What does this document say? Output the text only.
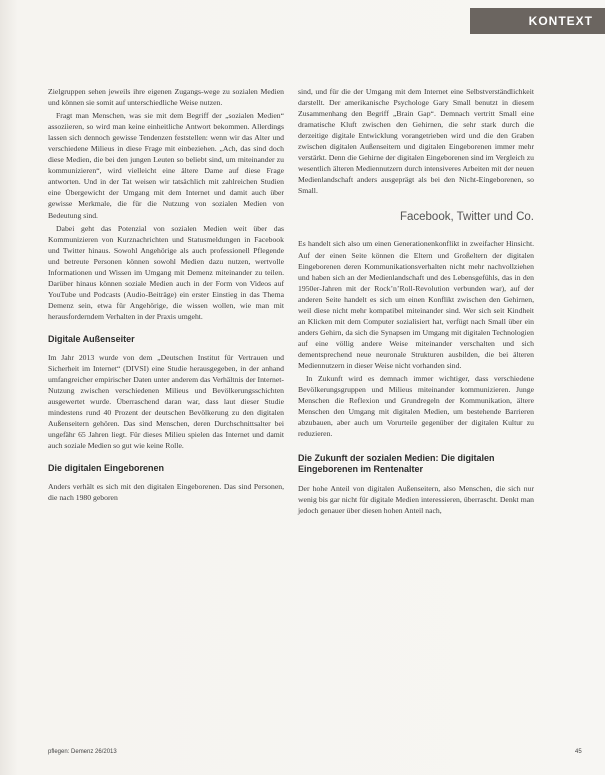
KONTEXT

Zielgruppen sehen jeweils ihre eigenen Zugangs-wege zu sozialen Medien und können sie somit auf unterschiedliche Weise nutzen.

Fragt man Menschen, was sie mit dem Begriff der „sozialen Medien“ assoziieren, so wird man keine einheitliche Antwort bekommen. Allerdings lassen sich dennoch gewisse Tendenzen feststellen: wenn wir das Alter und verschiedene Milieus in diese Frage mit einbeziehen. „Ach, das sind doch diese Medien, die bei den jungen Leuten so beliebt sind, um miteinander zu kommunizieren“, wird vielleicht eine ältere Dame auf diese Frage antworten. Und in der Tat weisen wir tatsächlich mit zahlreichen Studien eine Übergewicht der Umgang mit dem Internet und damit auch über gewisse Merkmale, die für die Nutzung von sozialen Medien von Bedeutung sind.

Dabei geht das Potenzial von sozialen Medien weit über das Kommunizieren von Kurznachrichten und Statusmeldungen in Facebook und Twitter hinaus. Sowohl Angehörige als auch professionell Pflegende und betreute Personen können sowohl Medien dazu nutzen, wertvolle Informationen und Wissen im Umgang mit Demenz miteinander zu teilen. Darüber hinaus können soziale Medien auch in der Form von Videos auf YouTube und Podcasts (Audio-Beiträge) ein erster Einstieg in das Thema Demenz sein, etwa für Angehörige, die wissen wollen, wie man mit herausforderndem Verhalten in der Praxis umgeht.

Digitale Außenseiter

Im Jahr 2013 wurde von dem „Deutschen Institut für Vertrauen und Sicherheit im Internet“ (DIVSI) eine Studie herausgegeben, in der anhand umfangreicher empirischer Daten unter anderem das Verhältnis der Internet-Nutzung zwischen verschiedenen Milieus und Bevölkerungsschichten ausgewertet wurde. Überraschend daran war, dass laut dieser Studie mindestens rund 40 Prozent der deutschen Bevölkerung zu den digitalen Außenseitern gehören. Das sind Menschen, deren Durchschnittsalter bei ungefähr 65 Jahren liegt. Für dieses Milieu spielen das Internet und damit auch soziale Medien so gut wie keine Rolle.

Die digitalen Eingeborenen

Anders verhält es sich mit den digitalen Eingeborenen. Das sind Personen, die nach 1980 geboren

sind, und für die der Umgang mit dem Internet eine Selbstverständlichkeit darstellt. Der amerikanische Psychologe Gary Small benutzt in diesem Zusammenhang den Begriff „Brain Gap“. Demnach vertritt Small eine dramatische Kluft zwischen den Gehirnen, die sehr stark durch die derzeitige digitale Entwicklung vorangetrieben wird und die den Graben zwischen digitalen Außenseitern und digitalen Eingeborenen immer mehr verstärkt. Denn die Gehirne der digitalen Eingeborenen sind im Vergleich zu wesentlich älteren Mediennutzern durch intensiveres Arbeiten mit der neuen Medienlandschaft anders ausgeprägt als bei den Nicht-Eingeborenen, so Small.

Facebook, Twitter und Co.

Es handelt sich also um einen Generationenkonflikt in zweifacher Hinsicht. Auf der einen Seite können die Eltern und Großeltern der digitalen Eingeborenen deren Kommunikationsverhalten nicht mehr nachvollziehen und haben sich an der Medienlandschaft und des Lebensgefühls, das in den 1950er-Jahren mit der Rock’n’Roll-Revolution verbunden war), auf der anderen Seite handelt es sich um einen Konflikt zwischen den Gehirnen, weil diese nicht mehr kompatibel miteinander sind. Wer sich seit Kindheit an Klicken mit dem Computer sozialisiert hat, verfügt nach Small über ein anders Gehirn, da sich die Synapsen im Umgang mit digitalen Technologien auf eine völlig andere Weise miteinander verschalten und sich dementsprechend neue neuronale Strukturen ausbilden, die bei älteren Mediennutzern in dieser Weise nicht vorhanden sind.

In Zukunft wird es demnach immer wichtiger, dass verschiedene Bevölkerungsgruppen und Milieus miteinander kommunizieren. Junge Menschen die Reflexion und Grundregeln der Kommunikation, ältere Menschen den Umgang mit digitalen Medien, um bestehende Barrieren abzubauen, aber auch um Vorurteile gegenüber der digitalen Kultur zu reduzieren.

Die Zukunft der sozialen Medien: Die digitalen Eingeborenen im Rentenalter

Der hohe Anteil von digitalen Außenseitern, also Menschen, die sich nur wenig bis gar nicht für digitale Medien interessieren, überrascht. Denkt man jedoch genauer über diesen hohen Anteil nach,

pflegen: Demenz 26/2013	45
